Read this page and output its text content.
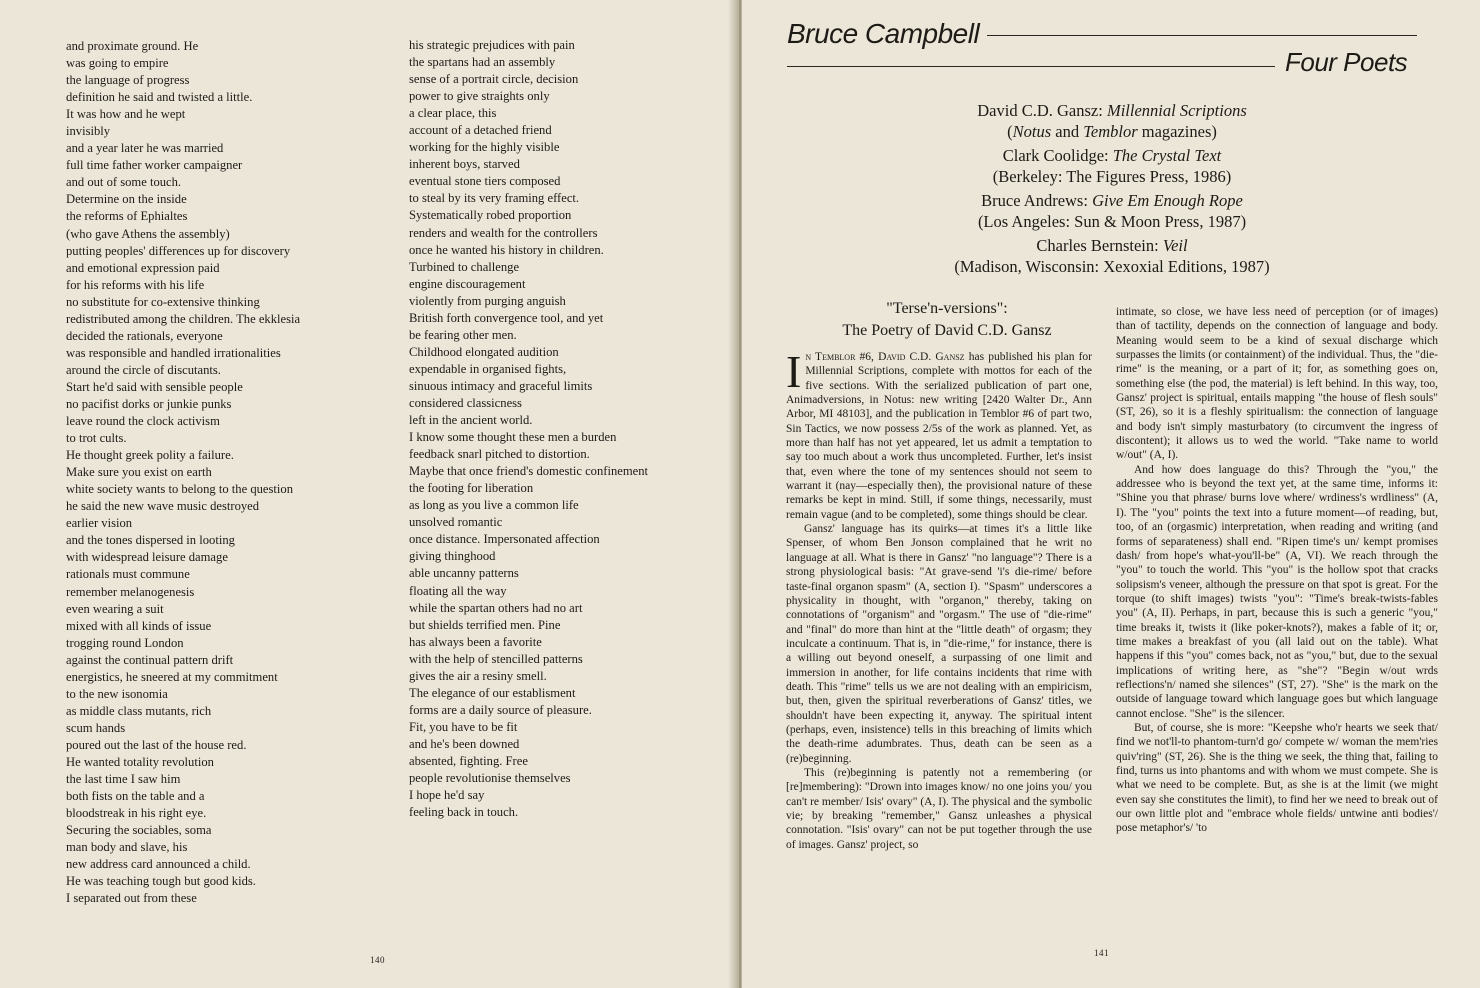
and proximate ground. He
was going to empire
the language of progress
definition he said and twisted a little.
It was how and he wept
invisibly
and a year later he was married
full time father worker campaigner
and out of some touch.
Determine on the inside
the reforms of Ephialtes
(who gave Athens the assembly)
putting peoples' differences up for discovery
and emotional expression paid
for his reforms with his life
no substitute for co-extensive thinking
redistributed among the children. The ekklesia
decided the rationals, everyone
was responsible and handled irrationalities
around the circle of discutants.
Start he'd said with sensible people
no pacifist dorks or junkie punks
leave round the clock activism
to trot cults.
He thought greek polity a failure.
Make sure you exist on earth
white society wants to belong to the question
he said the new wave music destroyed
earlier vision
and the tones dispersed in looting
with widespread leisure damage
rationals must commune
remember melanogenesis
even wearing a suit
mixed with all kinds of issue
trogging round London
against the continual pattern drift
energistics, he sneered at my commitment
to the new isonomia
as middle class mutants, rich
scum hands
poured out the last of the house red.
He wanted totality revolution
the last time I saw him
both fists on the table and a
bloodstreak in his right eye.
Securing the sociables, soma
man body and slave, his
new address card announced a child.
He was teaching tough but good kids.
I separated out from these
his strategic prejudices with pain
the spartans had an assembly
sense of a portrait circle, decision
power to give straights only
a clear place, this
account of a detached friend
working for the highly visible
inherent boys, starved
eventual stone tiers composed
to steal by its very framing effect.
Systematically robed proportion
renders and wealth for the controllers
once he wanted his history in children.
Turbined to challenge
engine discouragement
violently from purging anguish
British forth convergence tool, and yet
be fearing other men.
Childhood elongated audition
expendable in organised fights,
sinuous intimacy and graceful limits
considered classicness
left in the ancient world.
I know some thought these men a burden
feedback snarl pitched to distortion.
Maybe that once friend's domestic confinement
the footing for liberation
as long as you live a common life
unsolved romantic
once distance. Impersonated affection
giving thinghood
able uncanny patterns
floating all the way
while the spartan others had no art
but shields terrified men. Pine
has always been a favorite
with the help of stencilled patterns
gives the air a resiny smell.
The elegance of our establisment
forms are a daily source of pleasure.
Fit, you have to be fit
and he's been downed
absented, fighting. Free
people revolutionise themselves
I hope he'd say
feeling back in touch.
140
Bruce Campbell
Four Poets
David C.D. Gansz: Millennial Scriptions
(Notus and Temblor magazines)
Clark Coolidge: The Crystal Text
(Berkeley: The Figures Press, 1986)
Bruce Andrews: Give Em Enough Rope
(Los Angeles: Sun & Moon Press, 1987)
Charles Bernstein: Veil
(Madison, Wisconsin: Xexoxial Editions, 1987)
"Terse'n-versions":
The Poetry of David C.D. Gansz

In Temblor #6, David C.D. Gansz has published his plan for Millennial Scriptions, complete with mottos for each of the five sections. With the serialized publication of part one, Animadversions, in Notus: new writing [2420 Walter Dr., Ann Arbor, MI 48103], and the publication in Temblor #6 of part two, Sin Tactics, we now possess 2/5s of the work as planned. Yet, as more than half has not yet appeared, let us admit a temptation to say too much about a work thus uncompleted. Further, let's insist that, even where the tone of my sentences should not seem to warrant it (nay—especially then), the provisional nature of these remarks be kept in mind. Still, if some things, necessarily, must remain vague (and to be completed), some things should be clear.

Gansz' language has its quirks—at times it's a little like Spenser, of whom Ben Jonson complained that he writ no language at all. What is there in Gansz' "no language"? There is a strong physiological basis: "At grave-send 'i's die-rime/ before taste-final organon spasm" (A, section I). "Spasm" underscores a physicality in thought, with "organon," thereby, taking on connotations of "organism" and "orgasm." The use of "die-rime" and "final" do more than hint at the "little death" of orgasm; they inculcate a continuum. That is, in "die-rime," for instance, there is a willing out beyond oneself, a surpassing of one limit and immersion in another, for life contains incidents that rime with death. This "rime" tells us we are not dealing with an empiricism, but, then, given the spiritual reverberations of Gansz' titles, we shouldn't have been expecting it, anyway. The spiritual intent (perhaps, even, insistence) tells in this breaching of limits which the death-rime adumbrates. Thus, death can be seen as a (re)beginning.

This (re)beginning is patently not a remembering (or [re]membering): "Drown into images know/ no one joins you/ you can't re member/ Isis' ovary" (A, I). The physical and the symbolic vie; by breaking "remember," Gansz unleashes a physical connotation. "Isis' ovary" can not be put together through the use of images. Gansz' project, so

intimate, so close, we have less need of perception (or of images) than of tactility, depends on the connection of language and body. Meaning would seem to be a kind of sexual discharge which surpasses the limits (or containment) of the individual. Thus, the "die-rime" is the meaning, or a part of it; for, as something goes on, something else (the pod, the material) is left behind. In this way, too, Gansz' project is spiritual, entails mapping "the house of flesh souls" (ST, 26), so it is a fleshly spiritualism: the connection of language and body isn't simply masturbatory (to circumvent the ingress of discontent); it allows us to wed the world. "Take name to world w/out" (A, I).

And how does language do this? Through the "you," the addressee who is beyond the text yet, at the same time, informs it: "Shine you that phrase/ burns love where/ wrdiness's wrdliness" (A, I). The "you" points the text into a future moment—of reading, but, too, of an (orgasmic) interpretation, when reading and writing (and forms of separateness) shall end. "Ripen time's un/ kempt promises dash/ from hope's what-you'll-be" (A, VI). We reach through the "you" to touch the world. This "you" is the hollow spot that cracks solipsism's veneer, although the pressure on that spot is great. For the torque (to shift images) twists "you": "Time's break-twists-fables you" (A, II). Perhaps, in part, because this is such a generic "you," time breaks it, twists it (like poker-knots?), makes a fable of it; or, time makes a breakfast of you (all laid out on the table). What happens if this "you" comes back, not as "you," but, due to the sexual implications of writing here, as "she"? "Begin w/out wrds reflections'n/ named she silences" (ST, 27). "She" is the mark on the outside of language toward which language goes but which language cannot enclose. "She" is the silencer.

But, of course, she is more: "Keepshe who'r hearts we seek that/ find we not'll-to phantom-turn'd go/ compete w/ woman the mem'ries quiv'ring" (ST, 26). She is the thing we seek, the thing that, failing to find, turns us into phantoms and with whom we must compete. She is what we need to be complete. But, as she is at the limit (we might even say she constitutes the limit), to find her we need to break out of our own little plot and "embrace whole fields/ untwine anti bodies'/ pose metaphor's/ 'to

141
